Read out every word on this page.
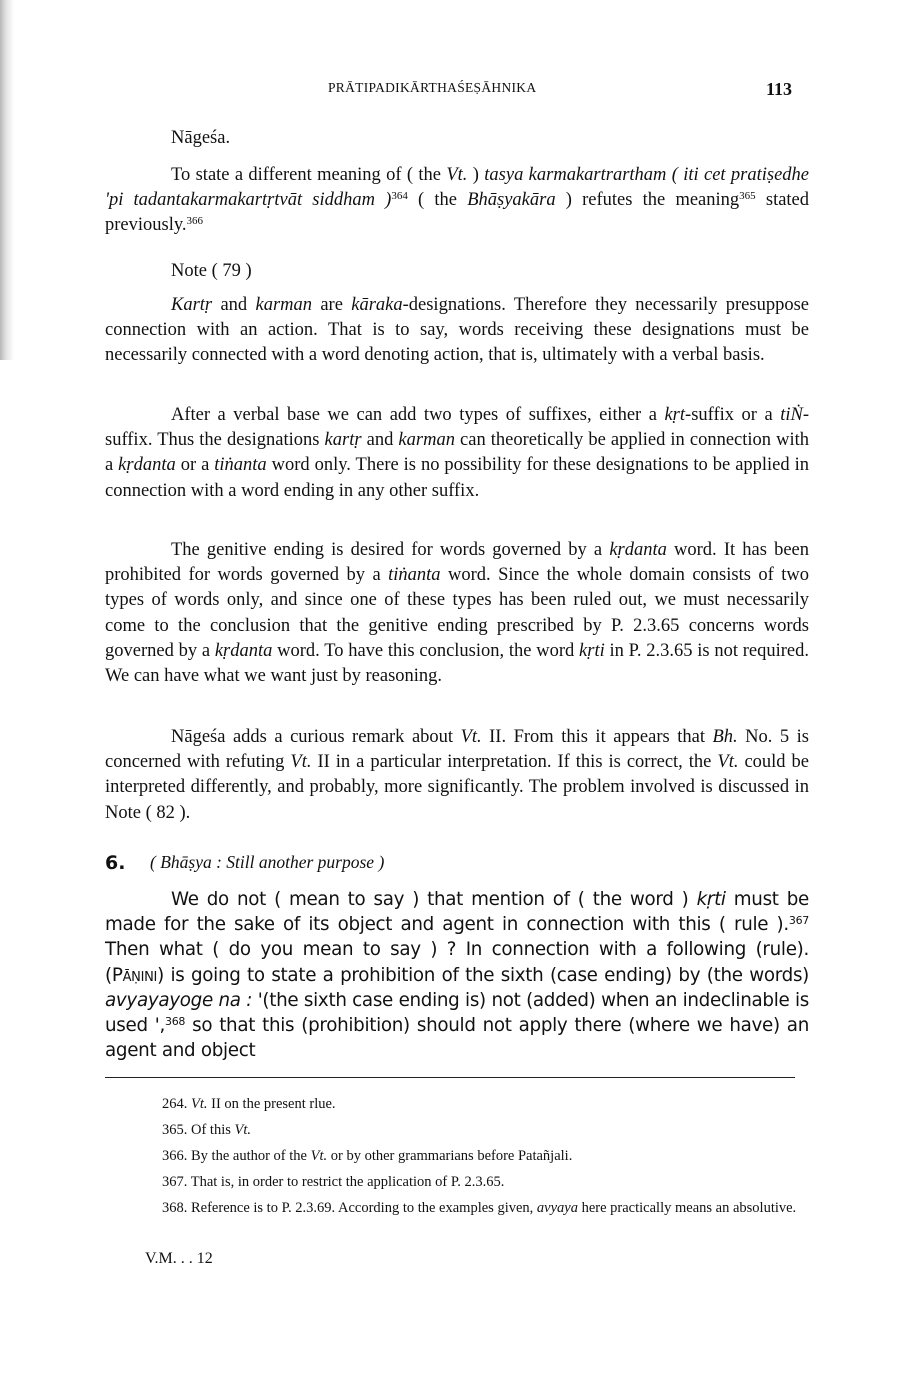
PRĀTIPADIKĀRTHAŚEṢĀHNIKA	113

Nāgeśa.

To state a different meaning of ( the Vt. ) tasya karmakartrartham ( iti cet pratiṣedhe 'pi tadantakarmakartṛtvāt siddham )$^{364}$ ( the Bhāṣyakāra ) refutes the meaning$^{365}$ stated previously.$^{366}$

Note ( 79 )

Kartṛ and karman are kāraka-designations. Therefore they necessarily presuppose connection with an action. That is to say, words receiving these designations must be necessarily connected with a word denoting action, that is, ultimately with a verbal basis.

After a verbal base we can add two types of suffixes, either a kṛt-suffix or a tiṄ-suffix. Thus the designations kartṛ and karman can theoretically be applied in connection with a kṛdanta or a tiṅanta word only. There is no possibility for these designations to be applied in connection with a word ending in any other suffix.

The genitive ending is desired for words governed by a kṛdanta word. It has been prohibited for words governed by a tiṅanta word. Since the whole domain consists of two types of words only, and since one of these types has been ruled out, we must necessarily come to the conclusion that the genitive ending prescribed by P. 2.3.65 concerns words governed by a kṛdanta word. To have this conclusion, the word kṛti in P. 2.3.65 is not required. We can have what we want just by reasoning.

Nāgeśa adds a curious remark about Vt. II. From this it appears that Bh. No. 5 is concerned with refuting Vt. II in a particular interpretation. If this is correct, the Vt. could be interpreted differently, and probably, more significantly. The problem involved is discussed in Note ( 82 ).

6. ( Bhāṣya : Still another purpose )

We do not ( mean to say ) that mention of ( the word ) kṛti must be made for the sake of its object and agent in connection with this ( rule ).$^{367}$ Then what ( do you mean to say ) ? In connection with a following (rule). (Pāṇini) is going to state a prohibition of the sixth (case ending) by (the words) avyayayoge na : '(the sixth case ending is) not (added) when an indeclinable is used ',$^{368}$ so that this (prohibition) should not apply there (where we have) an agent and object

264. Vt. II on the present rlue.

365. Of this Vt.

366. By the author of the Vt. or by other grammarians before Patañjali.

367. That is, in order to restrict the application of P. 2.3.65.

368. Reference is to P. 2.3.69. According to the examples given, avyaya here practically means an absolutive.

V.M. . . 12
